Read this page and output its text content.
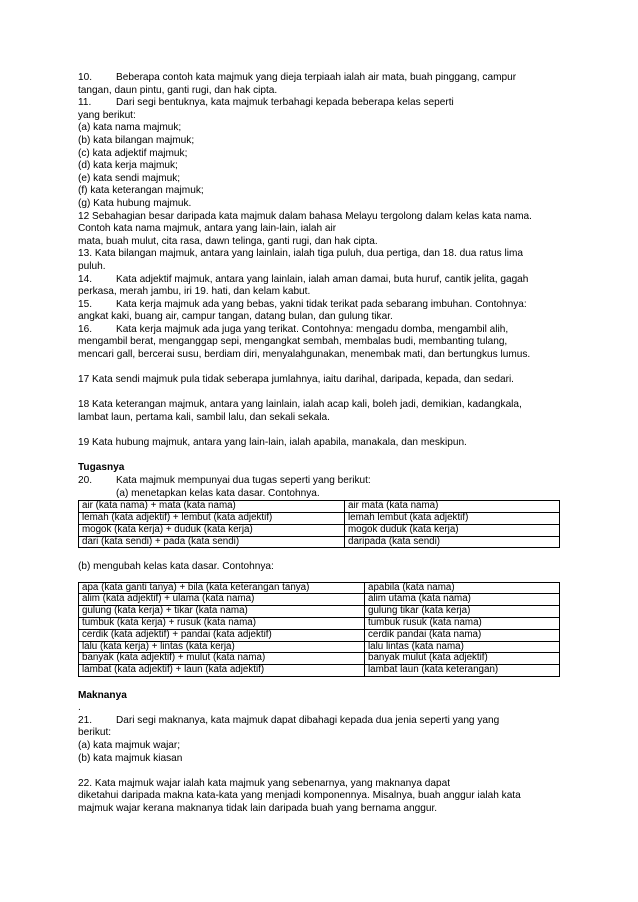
10. Beberapa contoh kata majmuk yang dieja terpiaah ialah air mata, buah pinggang, campur
tangan, daun pintu, ganti rugi, dan hak cipta.
11. Dari segi bentuknya, kata majmuk terbahagi kepada beberapa kelas seperti
yang berikut:
(a) kata nama majmuk;
(b) kata bilangan majmuk;
(c) kata adjektif majmuk;
(d) kata kerja majmuk;
(e) kata sendi majmuk;
(f) kata keterangan majmuk;
(g) Kata hubung majmuk.
12 Sebahagian besar daripada kata majmuk dalam bahasa Melayu tergolong dalam kelas kata nama.
Contoh kata nama majmuk, antara yang lain-lain, ialah air
mata, buah mulut, cita rasa, dawn telinga, ganti rugi, dan hak cipta.
13. Kata bilangan majmuk, antara yang lainlain, ialah tiga puluh, dua pertiga, dan 18. dua ratus lima
puluh.
14. Kata adjektif majmuk, antara yang lainlain, ialah aman damai, buta huruf, cantik jelita, gagah
perkasa, merah jambu, iri 19. hati, dan kelam kabut.
15. Kata kerja majmuk ada yang bebas, yakni tidak terikat pada sebarang imbuhan. Contohnya:
angkat kaki, buang air, campur tangan, datang bulan, dan gulung tikar.
16. Kata kerja majmuk ada juga yang terikat. Contohnya: mengadu domba, mengambil alih,
mengambil berat, menganggap sepi, mengangkat sembah, membalas budi, membanting tulang,
mencari gall, bercerai susu, berdiam diri, menyalahgunakan, menembak mati, dan bertungkus lumus.
17 Kata sendi majmuk pula tidak seberapa jumlahnya, iaitu darihal, daripada, kepada, dan sedari.
18 Kata keterangan majmuk, antara yang lainlain, ialah acap kali, boleh jadi, demikian, kadangkala,
lambat laun, pertama kali, sambil lalu, dan sekali sekala.
19 Kata hubung majmuk, antara yang lain-lain, ialah apabila, manakala, dan meskipun.
Tugasnya
20. Kata majmuk mempunyai dua tugas seperti yang berikut:
(a) menetapkan kelas kata dasar. Contohnya.
air (kata nama) + mata (kata nama)	air mata (kata nama)
lemah (kata adjektif) + lembut (kata adjektif)	lemah lembut (kata adjektif)
mogok (kata kerja) + duduk (kata kerja)	mogok duduk (kata kerja)
dari (kata sendi) + pada (kata sendi)	daripada (kata sendi)
(b) mengubah kelas kata dasar. Contohnya:
apa (kata ganti tanya) + bila (kata keterangan tanya)	apabila (kata nama)
alim (kata adjektif) + ulama (kata nama)	alim utama (kata nama)
gulung (kata kerja) + tikar (kata nama)	gulung tikar (kata kerja)
tumbuk (kata kerja) + rusuk (kata nama)	tumbuk rusuk (kata nama)
cerdik (kata adjektif) + pandai (kata adjektif)	cerdik pandai (kata nama)
lalu (kata kerja) + lintas (kata kerja)	lalu lintas (kata nama)
banyak (kata adjektif) + mulut (kata nama)	banyak mulut (kata adjektif)
lambat (kata adjektif) + laun (kata adjektif)	lambat laun (kata keterangan)
Maknanya
.
21. Dari segi maknanya, kata majmuk dapat dibahagi kepada dua jenia seperti yang yang
berikut:
(a) kata majmuk wajar;
(b) kata majmuk kiasan
22. Kata majmuk wajar ialah kata majmuk yang sebenarnya, yang maknanya dapat
diketahui daripada makna kata-kata yang menjadi komponennya. Misalnya, buah anggur ialah kata
majmuk wajar kerana maknanya tidak lain daripada buah yang bernama anggur.
